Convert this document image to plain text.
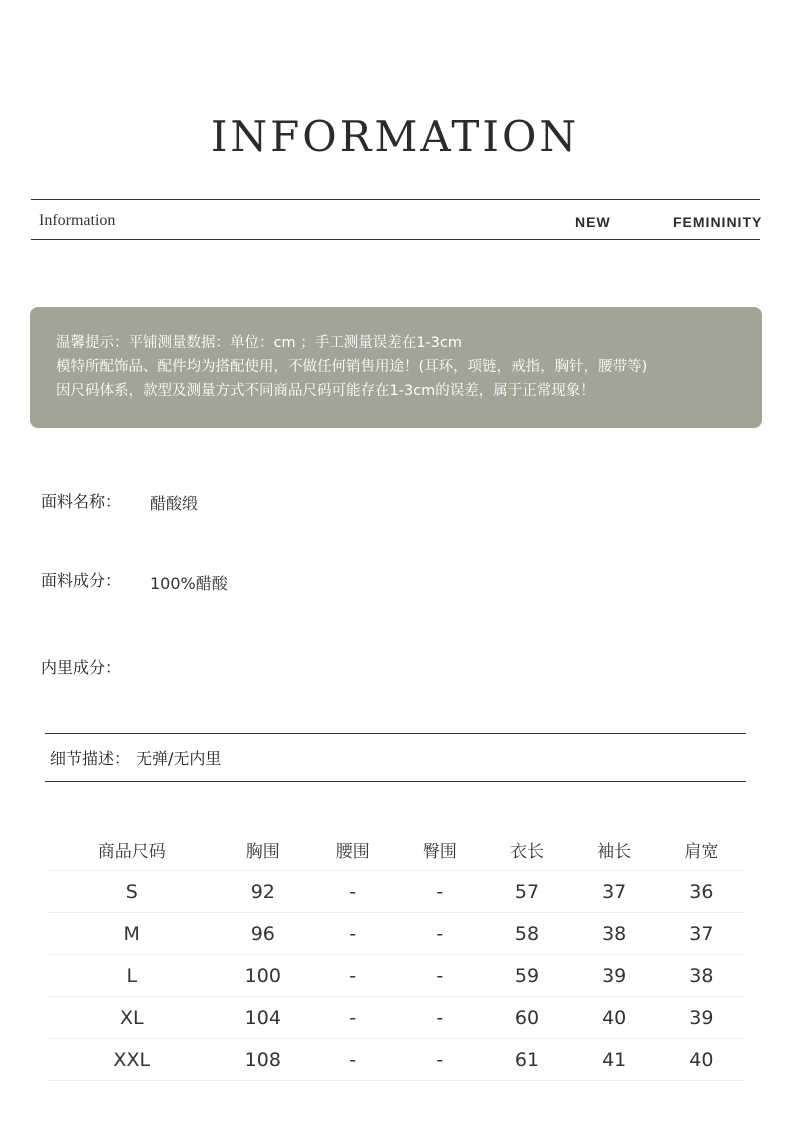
INFORMATION
Information	NEW	FEMININITY
温馨提示：平铺测量数据：单位：cm ；手工测量误差在1-3cm
模特所配饰品、配件均为搭配使用，不做任何销售用途！(耳环，项链，戒指，胸针，腰带等)
因尺码体系，款型及测量方式不同商品尺码可能存在1-3cm的误差，属于正常现象！
面料名称： 醋酸缎
面料成分： 100%醋酸
内里成分：
细节描述： 无弹/无内里
商品尺码	胸围	腰围	臀围	衣长	袖长	肩宽
S	92	-	-	57	37	36
M	96	-	-	58	38	37
L	100	-	-	59	39	38
XL	104	-	-	60	40	39
XXL	108	-	-	61	41	40
